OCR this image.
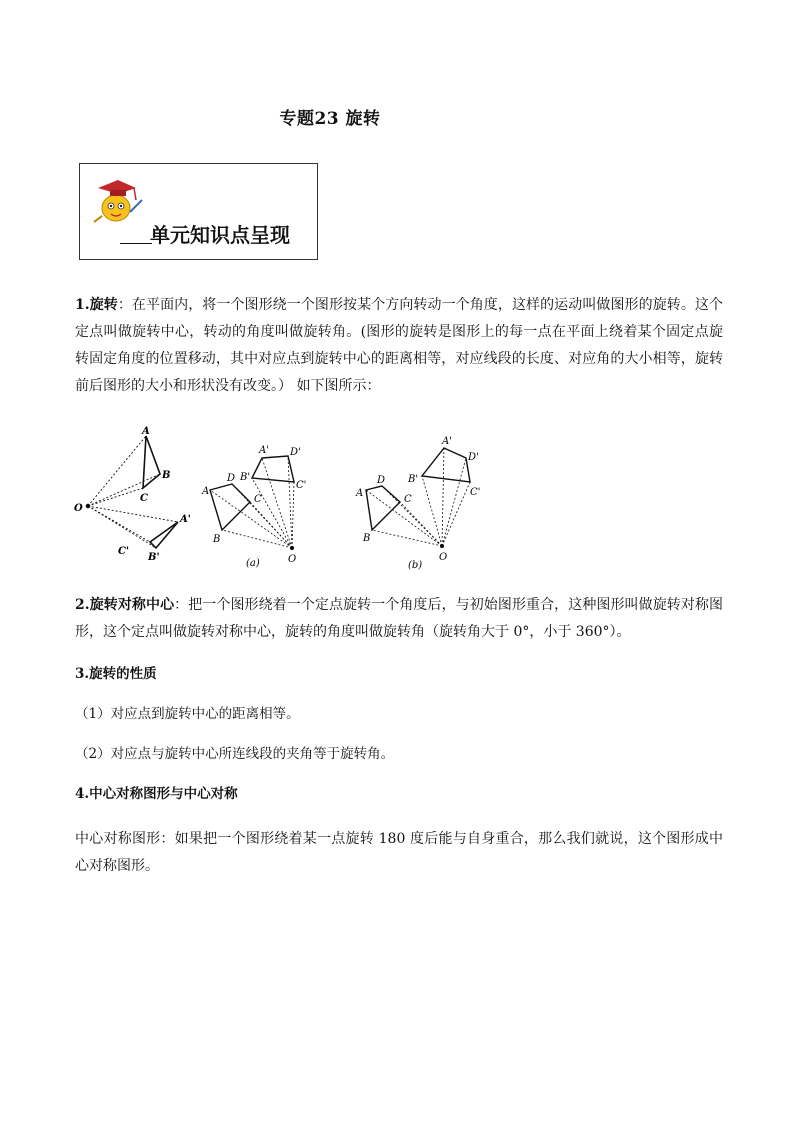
专题23 旋转
单元知识点呈现
1.旋转：在平面内，将一个图形绕一个图形按某个方向转动一个角度，这样的运动叫做图形的旋转。这个定点叫做旋转中心，转动的角度叫做旋转角。(图形的旋转是图形上的每一点在平面上绕着某个固定点旋转固定角度的位置移动，其中对应点到旋转中心的距离相等，对应线段的长度、对应角的大小相等，旋转前后图形的大小和形状没有改变。） 如下图所示：
A
B
C
O
A'
B'
C'
A
D
C
B
O
A' D'
C'
B'
(a)
A
D
C
B
O
A'
D'
C'
B'
(b)
2.旋转对称中心：把一个图形绕着一个定点旋转一个角度后，与初始图形重合，这种图形叫做旋转对称图形，这个定点叫做旋转对称中心，旋转的角度叫做旋转角（旋转角大于 0°，小于 360°）。
3.旋转的性质
（1）对应点到旋转中心的距离相等。
（2）对应点与旋转中心所连线段的夹角等于旋转角。
4.中心对称图形与中心对称
中心对称图形：如果把一个图形绕着某一点旋转 180 度后能与自身重合，那么我们就说，这个图形成中心对称图形。
